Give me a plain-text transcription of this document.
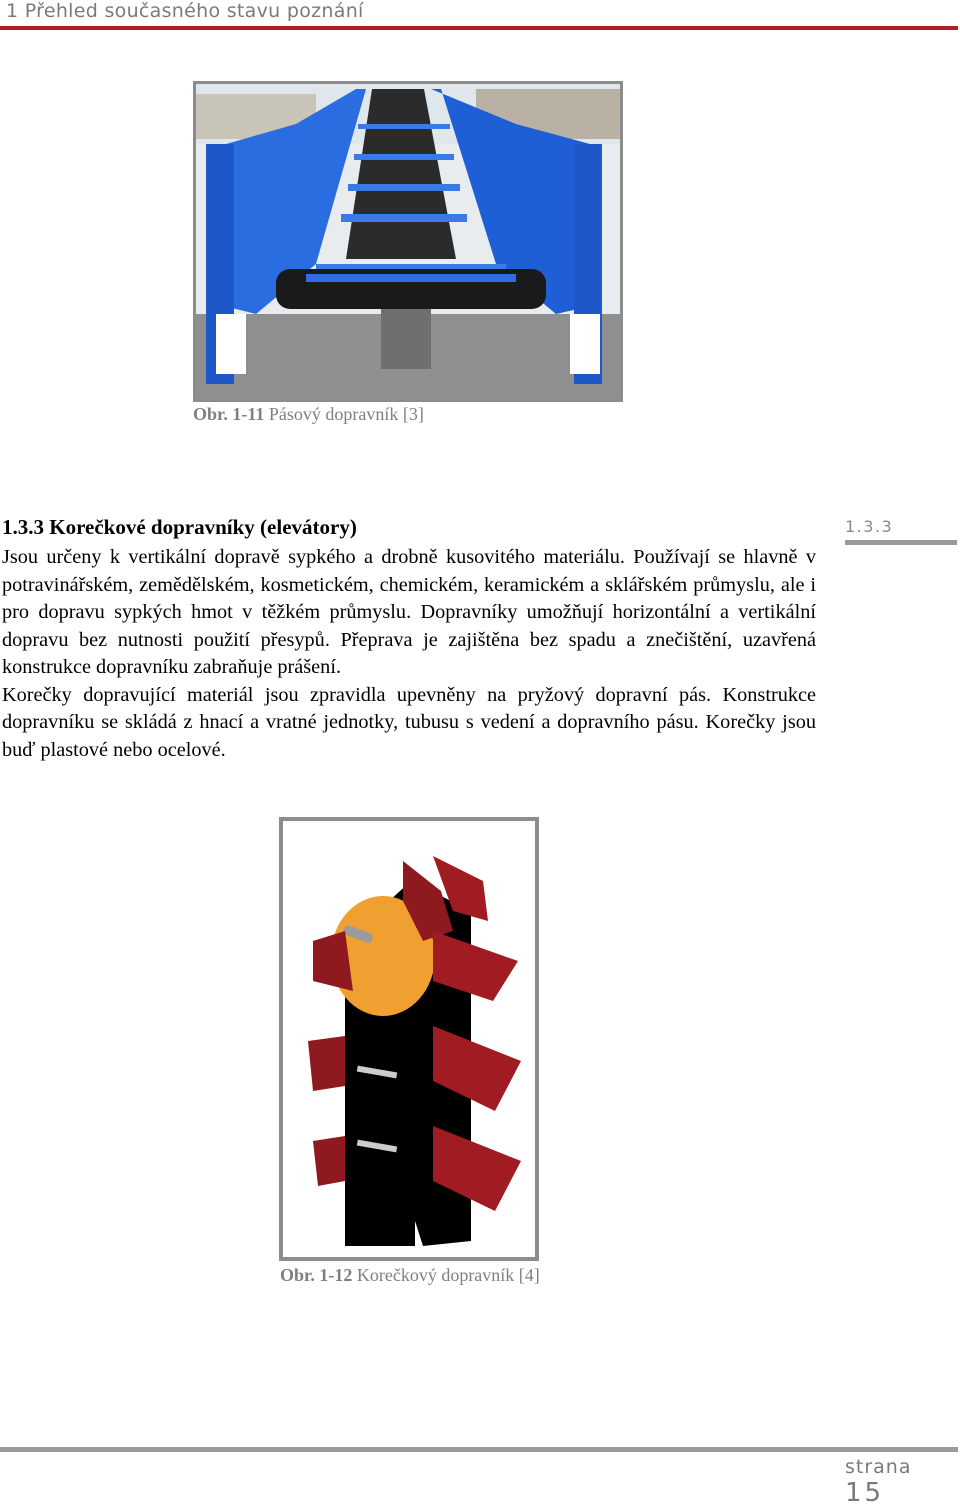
1 Přehled současného stavu poznání
Obr. 1-11 Pásový dopravník [3]
1.3.3 Korečkové dopravníky (elevátory)	1.3.3

Jsou určeny k vertikální dopravě sypkého a drobně kusovitého materiálu. Používají se hlavně v potravinářském, zemědělském, kosmetickém, chemickém, keramickém a sklářském průmyslu, ale i pro dopravu sypkých hmot v těžkém průmyslu. Dopravníky umožňují horizontální a vertikální dopravu bez nutnosti použití přesypů. Přeprava je zajištěna bez spadu a znečištění, uzavřená konstrukce dopravníku zabraňuje prášení.

Korečky dopravující materiál jsou zpravidla upevněny na pryžový dopravní pás. Konstrukce dopravníku se skládá z hnací a vratné jednotky, tubusu s vedení a dopravního pásu. Korečky jsou buď plastové nebo ocelové.

Obr. 1-12 Korečkový dopravník [4]
strana
15
